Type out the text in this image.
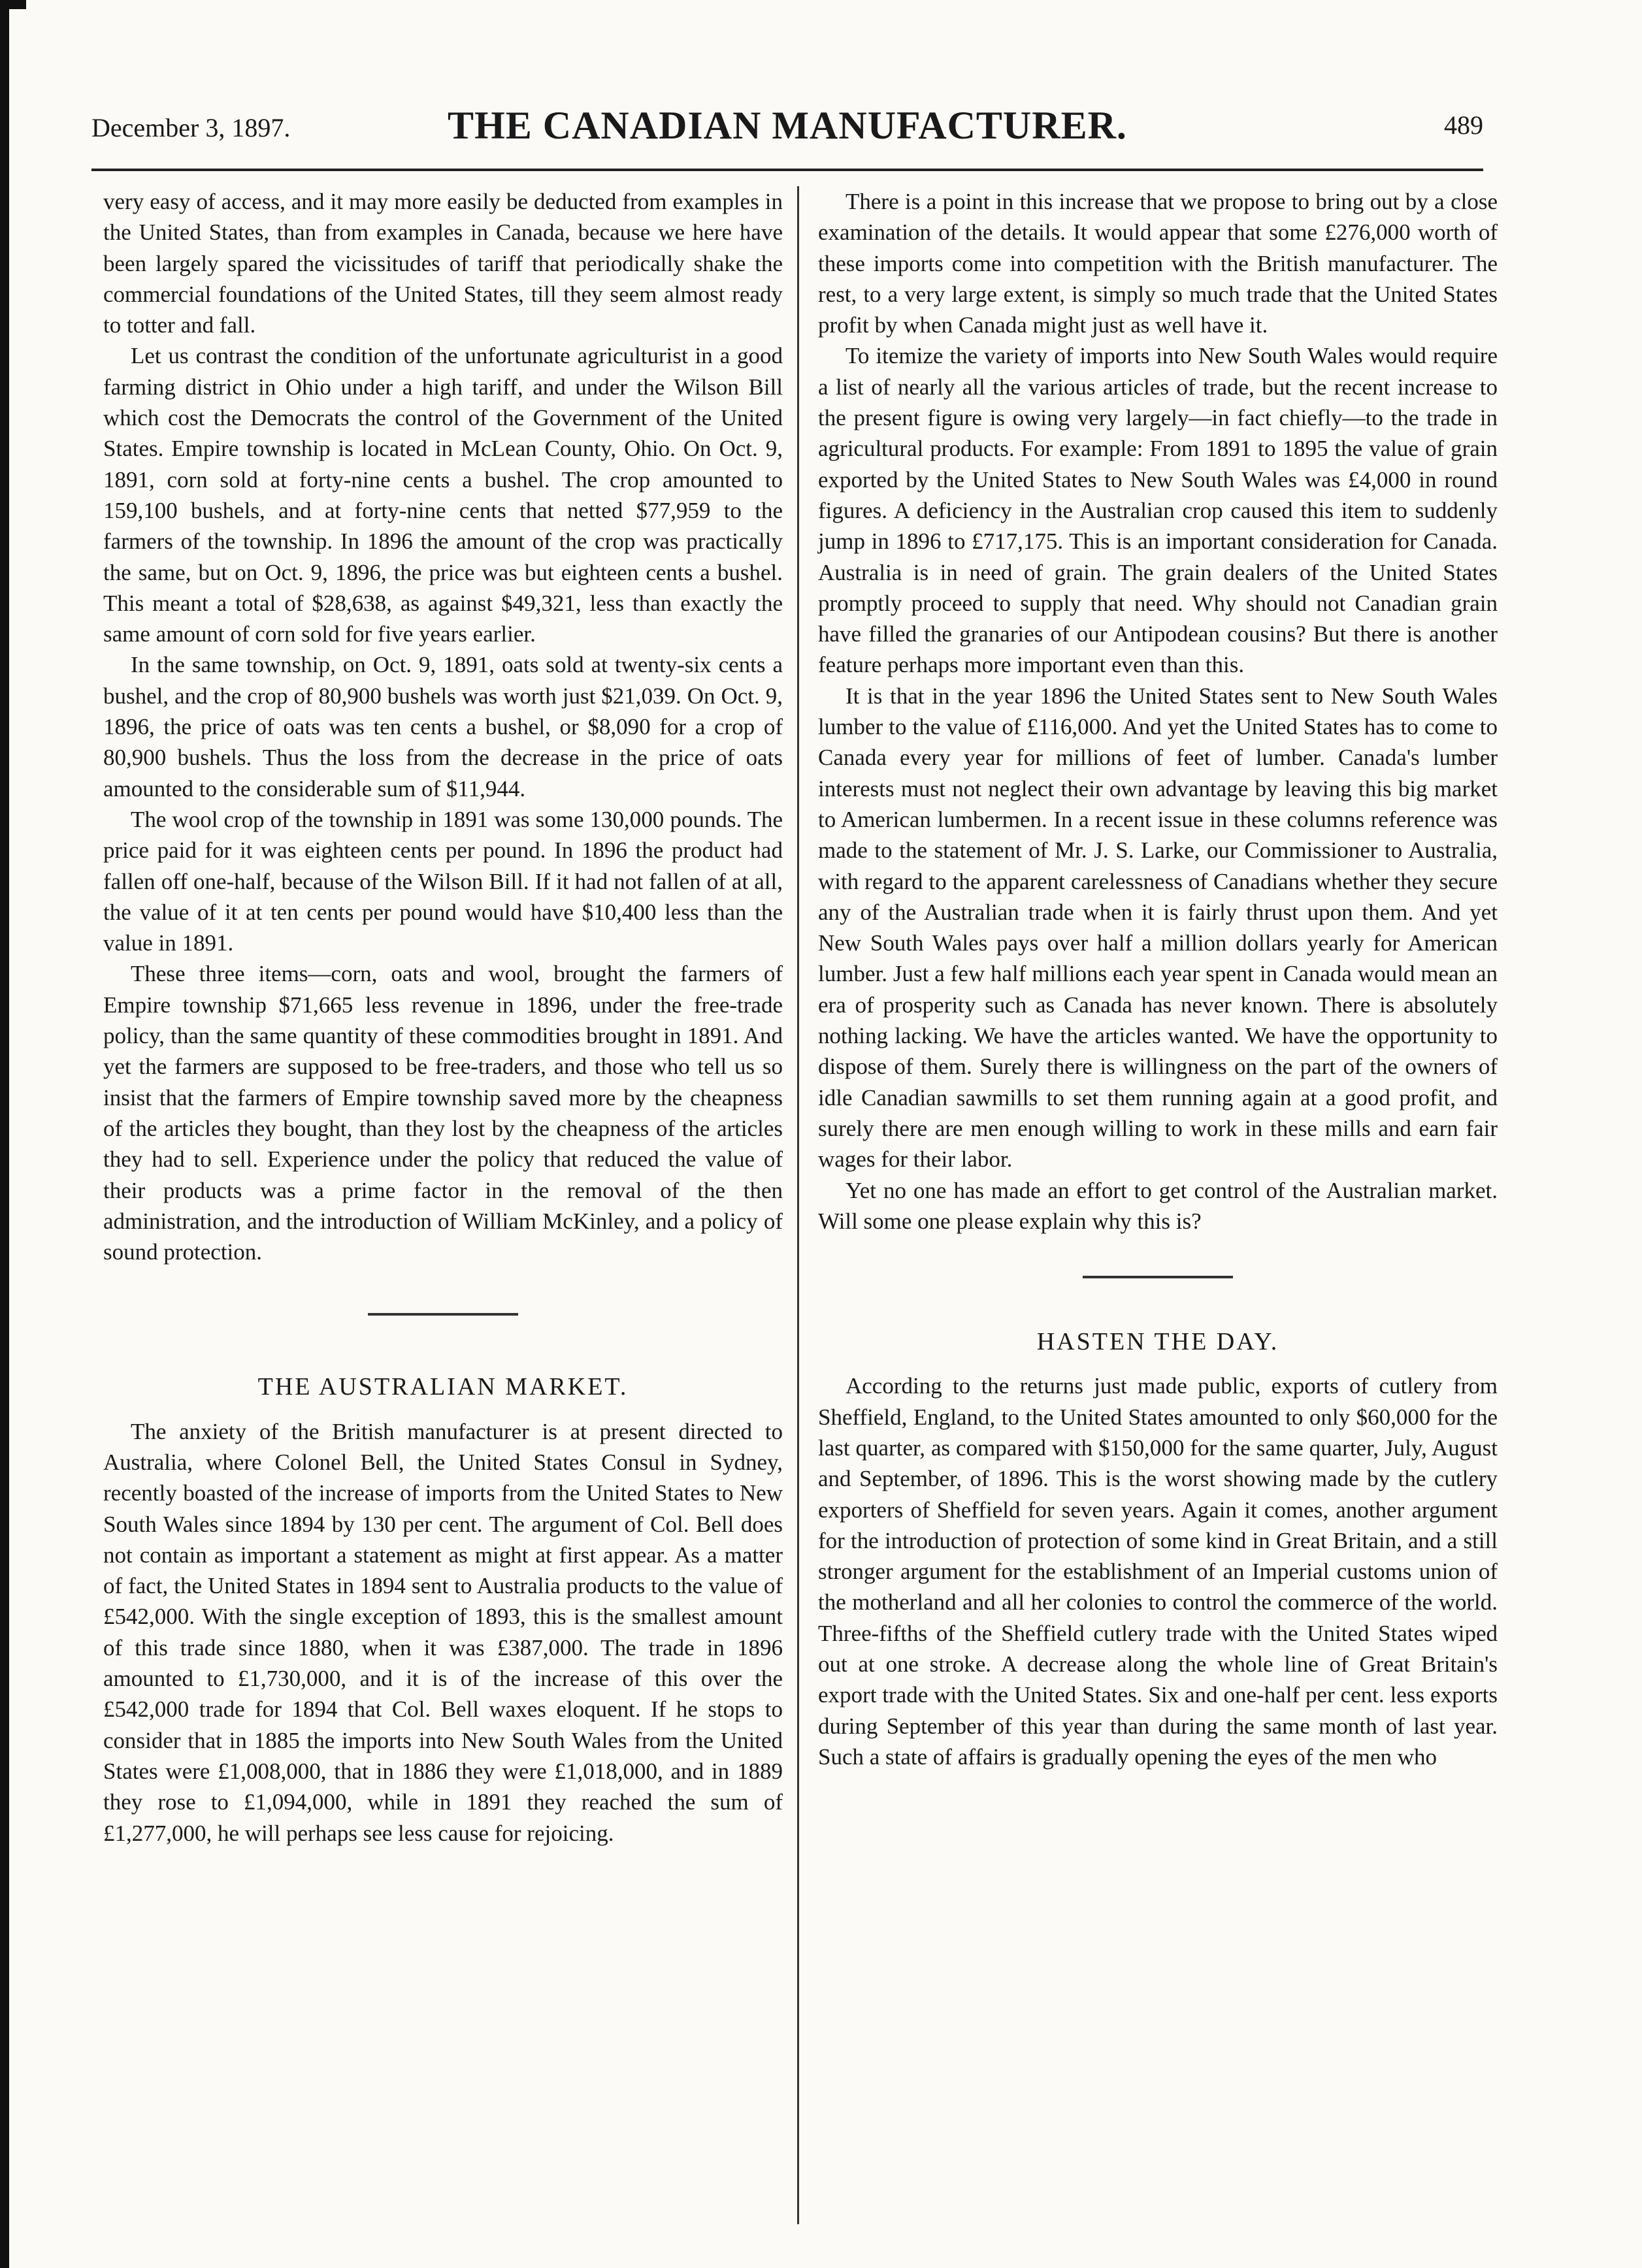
December 3, 1897.	THE CANADIAN MANUFACTURER.	489

very easy of access, and it may more easily be deducted from examples in the United States, than from examples in Canada, because we here have been largely spared the vicissitudes of tariff that periodically shake the commercial foundations of the United States, till they seem almost ready to totter and fall.

Let us contrast the condition of the unfortunate agriculturist in a good farming district in Ohio under a high tariff, and under the Wilson Bill which cost the Democrats the control of the Government of the United States. Empire township is located in McLean County, Ohio. On Oct. 9, 1891, corn sold at forty-nine cents a bushel. The crop amounted to 159,100 bushels, and at forty-nine cents that netted $77,959 to the farmers of the township. In 1896 the amount of the crop was practically the same, but on Oct. 9, 1896, the price was but eighteen cents a bushel. This meant a total of $28,638, as against $49,321, less than exactly the same amount of corn sold for five years earlier.

In the same township, on Oct. 9, 1891, oats sold at twenty-six cents a bushel, and the crop of 80,900 bushels was worth just $21,039. On Oct. 9, 1896, the price of oats was ten cents a bushel, or $8,090 for a crop of 80,900 bushels. Thus the loss from the decrease in the price of oats amounted to the considerable sum of $11,944.

The wool crop of the township in 1891 was some 130,000 pounds. The price paid for it was eighteen cents per pound. In 1896 the product had fallen off one-half, because of the Wilson Bill. If it had not fallen of at all, the value of it at ten cents per pound would have $10,400 less than the value in 1891.

These three items—corn, oats and wool, brought the farmers of Empire township $71,665 less revenue in 1896, under the free-trade policy, than the same quantity of these commodities brought in 1891. And yet the farmers are supposed to be free-traders, and those who tell us so insist that the farmers of Empire township saved more by the cheapness of the articles they bought, than they lost by the cheapness of the articles they had to sell. Experience under the policy that reduced the value of their products was a prime factor in the removal of the then administration, and the introduction of William McKinley, and a policy of sound protection.

THE AUSTRALIAN MARKET.

The anxiety of the British manufacturer is at present directed to Australia, where Colonel Bell, the United States Consul in Sydney, recently boasted of the increase of imports from the United States to New South Wales since 1894 by 130 per cent. The argument of Col. Bell does not contain as important a statement as might at first appear. As a matter of fact, the United States in 1894 sent to Australia products to the value of £542,000. With the single exception of 1893, this is the smallest amount of this trade since 1880, when it was £387,000. The trade in 1896 amounted to £1,730,000, and it is of the increase of this over the £542,000 trade for 1894 that Col. Bell waxes eloquent. If he stops to consider that in 1885 the imports into New South Wales from the United States were £1,008,000, that in 1886 they were £1,018,000, and in 1889 they rose to £1,094,000, while in 1891 they reached the sum of £1,277,000, he will perhaps see less cause for rejoicing.

There is a point in this increase that we propose to bring out by a close examination of the details. It would appear that some £276,000 worth of these imports come into competition with the British manufacturer. The rest, to a very large extent, is simply so much trade that the United States profit by when Canada might just as well have it.

To itemize the variety of imports into New South Wales would require a list of nearly all the various articles of trade, but the recent increase to the present figure is owing very largely—in fact chiefly—to the trade in agricultural products. For example: From 1891 to 1895 the value of grain exported by the United States to New South Wales was £4,000 in round figures. A deficiency in the Australian crop caused this item to suddenly jump in 1896 to £717,175. This is an important consideration for Canada. Australia is in need of grain. The grain dealers of the United States promptly proceed to supply that need. Why should not Canadian grain have filled the granaries of our Antipodean cousins? But there is another feature perhaps more important even than this.

It is that in the year 1896 the United States sent to New South Wales lumber to the value of £116,000. And yet the United States has to come to Canada every year for millions of feet of lumber. Canada's lumber interests must not neglect their own advantage by leaving this big market to American lumbermen. In a recent issue in these columns reference was made to the statement of Mr. J. S. Larke, our Commissioner to Australia, with regard to the apparent carelessness of Canadians whether they secure any of the Australian trade when it is fairly thrust upon them. And yet New South Wales pays over half a million dollars yearly for American lumber. Just a few half millions each year spent in Canada would mean an era of prosperity such as Canada has never known. There is absolutely nothing lacking. We have the articles wanted. We have the opportunity to dispose of them. Surely there is willingness on the part of the owners of idle Canadian sawmills to set them running again at a good profit, and surely there are men enough willing to work in these mills and earn fair wages for their labor.

Yet no one has made an effort to get control of the Australian market. Will some one please explain why this is?

HASTEN THE DAY.

According to the returns just made public, exports of cutlery from Sheffield, England, to the United States amounted to only $60,000 for the last quarter, as compared with $150,000 for the same quarter, July, August and September, of 1896. This is the worst showing made by the cutlery exporters of Sheffield for seven years. Again it comes, another argument for the introduction of protection of some kind in Great Britain, and a still stronger argument for the establishment of an Imperial customs union of the motherland and all her colonies to control the commerce of the world. Three-fifths of the Sheffield cutlery trade with the United States wiped out at one stroke. A decrease along the whole line of Great Britain's export trade with the United States. Six and one-half per cent. less exports during September of this year than during the same month of last year. Such a state of affairs is gradually opening the eyes of the men who
